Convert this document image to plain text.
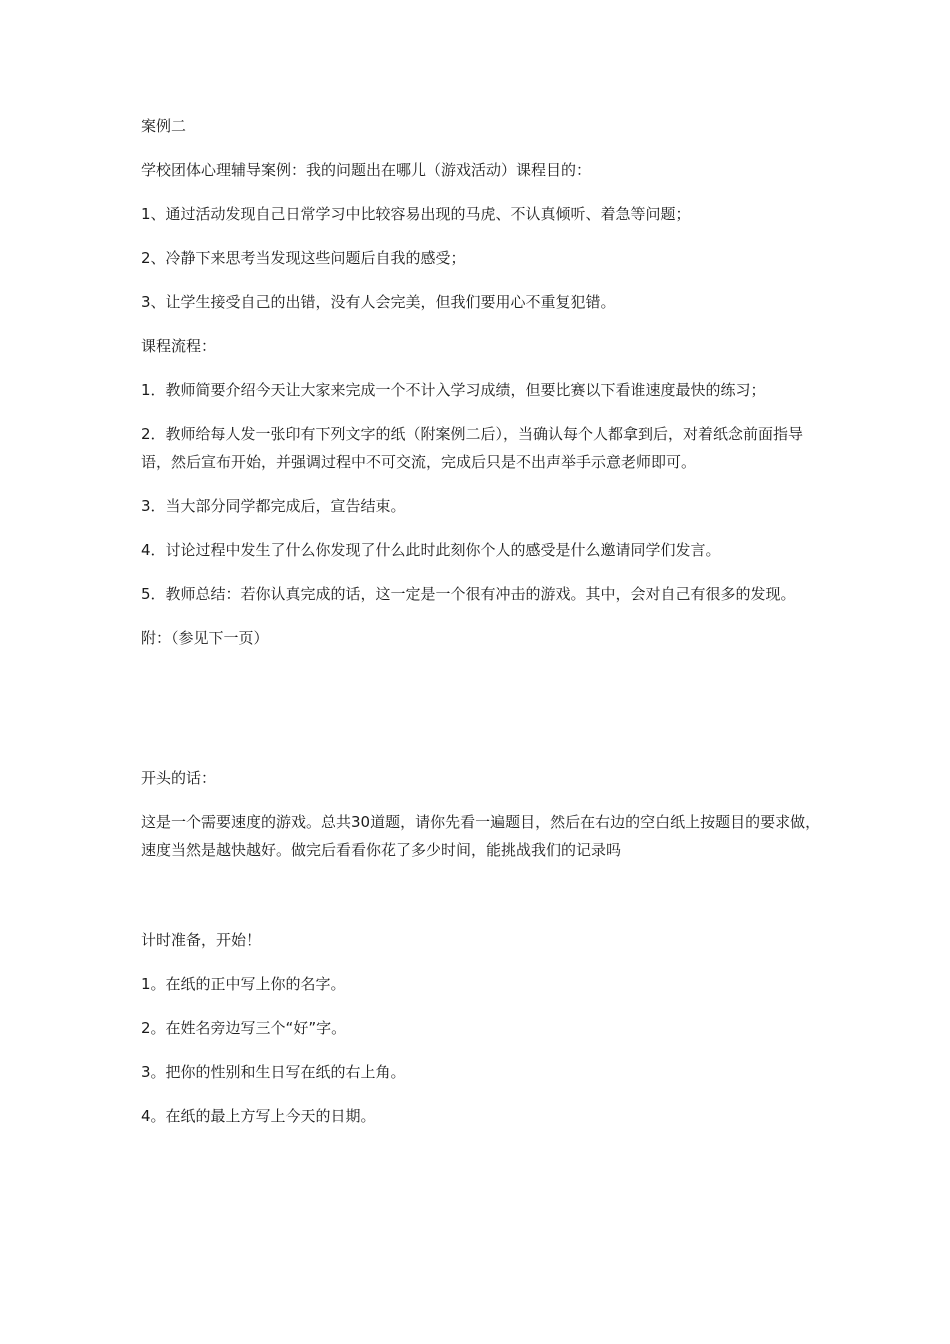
案例二

学校团体心理辅导案例：我的问题出在哪儿（游戏活动）课程目的：

1、通过活动发现自己日常学习中比较容易出现的马虎、不认真倾听、着急等问题；

2、冷静下来思考当发现这些问题后自我的感受；

3、让学生接受自己的出错，没有人会完美，但我们要用心不重复犯错。

课程流程：

1．教师简要介绍今天让大家来完成一个不计入学习成绩，但要比赛以下看谁速度最快的练习；

2．教师给每人发一张印有下列文字的纸（附案例二后），当确认每个人都拿到后，对着纸念前面指导语，然后宣布开始，并强调过程中不可交流，完成后只是不出声举手示意老师即可。

3．当大部分同学都完成后，宣告结束。

4．讨论过程中发生了什么你发现了什么此时此刻你个人的感受是什么邀请同学们发言。

5．教师总结：若你认真完成的话，这一定是一个很有冲击的游戏。其中，会对自己有很多的发现。

附：（参见下一页）

开头的话：

这是一个需要速度的游戏。总共30道题，请你先看一遍题目，然后在右边的空白纸上按题目的要求做，速度当然是越快越好。做完后看看你花了多少时间，能挑战我们的记录吗

计时准备，开始！

1。在纸的正中写上你的名字。

2。在姓名旁边写三个“好”字。

3。把你的性别和生日写在纸的右上角。

4。在纸的最上方写上今天的日期。
